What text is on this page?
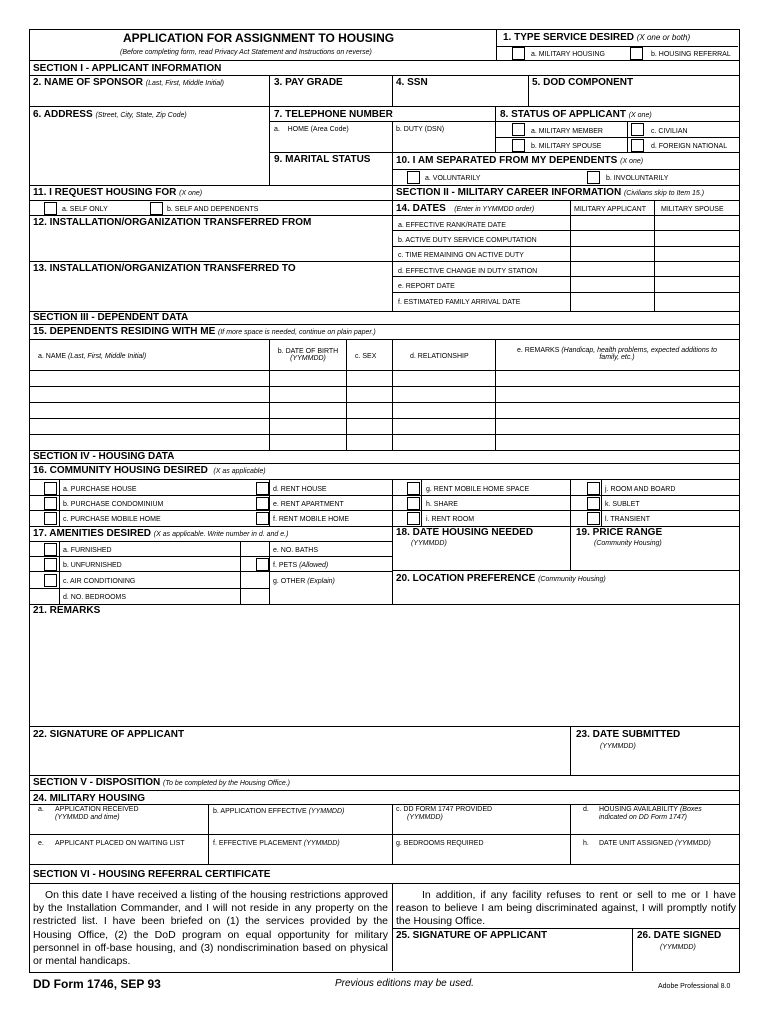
APPLICATION FOR ASSIGNMENT TO HOUSING
(Before completing form, read Privacy Act Statement and Instructions on reverse)
1. TYPE SERVICE DESIRED (X one or both)
a. MILITARY HOUSING	b. HOUSING REFERRAL
SECTION I - APPLICANT INFORMATION
2. NAME OF SPONSOR (Last, First, Middle Initial)	3. PAY GRADE	4. SSN	5. DOD COMPONENT
6. ADDRESS (Street, City, State, Zip Code)	7. TELEPHONE NUMBER
a. HOME (Area Code)	b. DUTY (DSN)
8. STATUS OF APPLICANT (X one)
a. MILITARY MEMBER	c. CIVILIAN
b. MILITARY SPOUSE	d. FOREIGN NATIONAL
9. MARITAL STATUS	10. I AM SEPARATED FROM MY DEPENDENTS (X one)
a. VOLUNTARILY	b. INVOLUNTARILY
11. I REQUEST HOUSING FOR (X one)	SECTION II - MILITARY CAREER INFORMATION (Civilians skip to Item 15.)
a. SELF ONLY	b. SELF AND DEPENDENTS
12. INSTALLATION/ORGANIZATION TRANSFERRED FROM
13. INSTALLATION/ORGANIZATION TRANSFERRED TO
14. DATES (Enter in YYMMDD order)	MILITARY APPLICANT MILITARY SPOUSE
a. EFFECTIVE RANK/RATE DATE
b. ACTIVE DUTY SERVICE COMPUTATION
c. TIME REMAINING ON ACTIVE DUTY
d. EFFECTIVE CHANGE IN DUTY STATION
e. REPORT DATE
f. ESTIMATED FAMILY ARRIVAL DATE
SECTION III - DEPENDENT DATA
15. DEPENDENTS RESIDING WITH ME (If more space is needed, continue on plain paper.)
a. NAME (Last, First, Middle Initial)
b. DATE OF BIRTH
(YYMMDD)	c. SEX	d. RELATIONSHIP
e. REMARKS (Handicap, health problems, expected additions to
family, etc.)
SECTION IV - HOUSING DATA
16. COMMUNITY HOUSING DESIRED (X as applicable)
a. PURCHASE HOUSE	d. RENT HOUSE	g. RENT MOBILE HOME SPACE	j. ROOM AND BOARD
b. PURCHASE CONDOMINIUM	e. RENT APARTMENT	h. SHARE	k. SUBLET
c. PURCHASE MOBILE HOME	f. RENT MOBILE HOME	i. RENT ROOM	l. TRANSIENT
17. AMENITIES DESIRED (X as applicable. Write number in d. and e.)	18. DATE HOUSING NEEDED
(YYMMDD)
19. PRICE RANGE
(Community Housing)
a. FURNISHED	e. NO. BATHS
b. UNFURNISHED	f. PETS (Allowed)
20. LOCATION PREFERENCE (Community Housing)
c. AIR CONDITIONING	g. OTHER (Explain)
d. NO. BEDROOMS
21. REMARKS
22. SIGNATURE OF APPLICANT	23. DATE SUBMITTED
(YYMMDD)
SECTION V - DISPOSITION (To be completed by the Housing Office.)
24. MILITARY HOUSING
a. APPLICATION RECEIVED
(YYMMDD and time)
b. APPLICATION EFFECTIVE (YYMMDD)	c. DD FORM 1747 PROVIDED
(YYMMDD)
d. HOUSING AVAILABILITY (Boxes
indicated on DD Form 1747)
e. APPLICANT PLACED ON WAITING LIST	f. EFFECTIVE PLACEMENT (YYMMDD)	g. BEDROOMS REQUIRED	h. DATE UNIT ASSIGNED (YYMMDD)
SECTION VI - HOUSING REFERRAL CERTIFICATE
On this date I have received a listing of the housing restrictions approved by the Installation Commander, and I will not reside in any property on the restricted list. I have been briefed on (1) the services provided by the Housing Office, (2) the DoD program on equal opportunity for military personnel in off-base housing, and (3) nondiscrimination based on physical or mental handicaps.
In addition, if any facility refuses to rent or sell to me or I have reason to believe I am being discriminated against, I will promptly notify the Housing Office.
25. SIGNATURE OF APPLICANT	26. DATE SIGNED
(YYMMDD)
DD Form 1746, SEP 93	Previous editions may be used.	Adobe Professional 8.0
